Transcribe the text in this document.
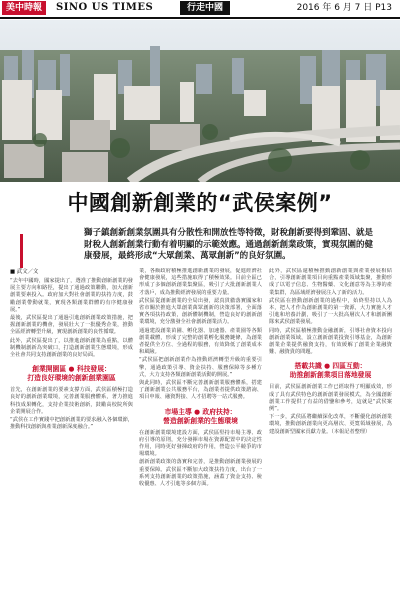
美中時報	SINO US TIMES	行走中國	2016 年 6 月 7 日 P13
中國創新創業的“武侯案例”
獅子鎮創新創業氛圍具有分散性和開放性等特徵，財稅創新要得到鞏固、就是財稅人創新創業行動有着明顯的示範效應。通過創新創業政策，實現氛圍的健康發展，最終形成“大眾創業、萬眾創新”的良好氛圍。
■ 武文／文

“去年中國時，國家提出了，選准了推動創新創業的發展主要方向和路徑，提出了通過政策聯動，加大創新創業要素投入。政府加大對社會創業的扶持力度，鼓勵創業帶動就業，實現各類創業群體的有序健康發展。”

最後，武侯區提出了通過引進創新創業政策措施，把握創新創業的機會，發展壯大了一批優秀企業，推動全區經濟轉型升級，實現創新創業的良性循環。

此外，武侯區提出了，以推進創新創業為重點，以體制機制創新為突破口，打造創新創業生態環境，形成全社會共同支持創新創業的良好局面。

創業開園區 ● 科技發展：
打造良好環境的創新創業園區

首先，在創新創業的要素支撐方面，武侯區積極打造良好的創新創業環境，完善創業服務體系，著力推進科技成果轉化，支持企業技術創新，鼓勵高校院所與企業開展合作。

“武侯在工作實踐中把創新創業的要求融入各個環節，推動科技創新與產業創新深度融合。”

業，各級政府積極推進創新創業的發展，促進經濟社會健康發展，這些措施取得了積極效果。目前全區已形成了多個創新創業集聚區，吸引了大批創新創業人才落戶，成為推動經濟發展的重要力量。

武侯區從創新創業的全局出發，認真貫徹落實國家和省市關於推進大眾創業萬眾創新的決策部署，全面落實各項扶持政策，創新體制機制，營造良好的創新創業環境，充分激發全社會創新創業活力。

通過建設創業苗圃、孵化器、加速器、產業園等各類創業載體，形成了完整的創業孵化服務鏈條，為創業者提供全方位、全過程的服務，有效降低了創業成本和風險。

“武侯區把創新創業作為推動經濟轉型升級的重要引擎，通過政策引導、資金扶持、服務保障等多種方式，大力支持各類創新創業活動的開展。”

與此同時，武侯區不斷完善創新創業服務體系，搭建了創新創業公共服務平台，為創業者提供政策諮詢、項目申報、融資對接、人才招聘等一站式服務。

市場主導 ● 政府扶持：
營造創新創業的生態環境

在創新創業環境建設方面，武侯區堅持市場主導、政府引導的原則，充分發揮市場在資源配置中的決定性作用，同時更好發揮政府的作用，營造公平競爭的市場環境。

創新創業政策的落實和完善，是推動創新創業發展的重要保障。武侯區不斷加大政策扶持力度，出台了一系列支持創新創業的政策措施，涵蓋了資金支持、稅收優惠、人才引進等多個方面。

此外，武侯區還積極推動創新創業與產業發展相結合，引導創新創業項目向重點產業領域集聚，推動形成了以電子信息、生物醫藥、文化創意等為主導的產業集群，為區域經濟發展注入了新的活力。

武侯區在推動創新創業的過程中，始終堅持以人為本，把人才作為創新創業的第一資源，大力實施人才引進和培養計劃，吸引了一大批高層次人才和創新團隊來武侯創業發展。

同時，武侯區積極推動金融創新，引導社會資本投向創新創業領域，設立創新創業投資引導基金，為創新創業企業提供融資支持，有效緩解了創業企業融資難、融資貴的問題。

搭載共識 ● 四區互動：
助推創新創業項目落地發展

目前，武侯區創新創業工作已經取得了明顯成效，形成了具有武侯特色的創新創業發展模式，為全國創新創業工作提供了有益的借鑒和參考，這就是“武侯案例”。

下一步，武侯區將繼續深化改革，不斷優化創新創業環境，推動創新創業向更高層次、更寬領域發展，為建設創新型國家貢獻力量。（本報記者整理）
